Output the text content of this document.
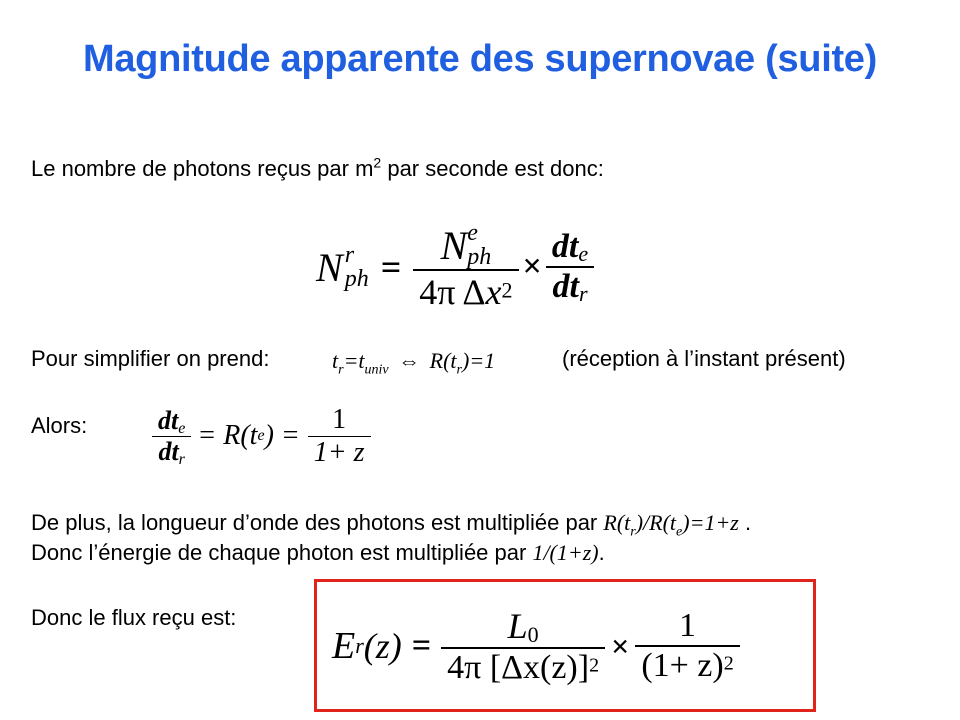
Magnitude apparente des supernovae (suite)
Le nombre de photons reçus par $m^2$ par seconde est donc:
N r
ph = N e
ph
4π $\Delta x^2 \times \frac{dt_e}{dt_r}$
Pour simplifier on prend:	$t_r=t_{univ}$ ⇔ $R(t_r)=1$	(réception à l’instant présent)
Alors: $\frac{dt_e}{dt_r} = R(t$ e ) = $\frac{1}{1+ z}$
De plus, la longueur d’onde des photons est multipliée par $R(t_r)/R(t_e)=1+z$ .
Donc l’énergie de chaque photon est multipliée par 1/(1+z).
Donc le flux reçu est:
E r $(z) = \frac{L_0}{4\pi [\Delta x(z)]^2} \times \frac{1}{(1+ z)^2}$
